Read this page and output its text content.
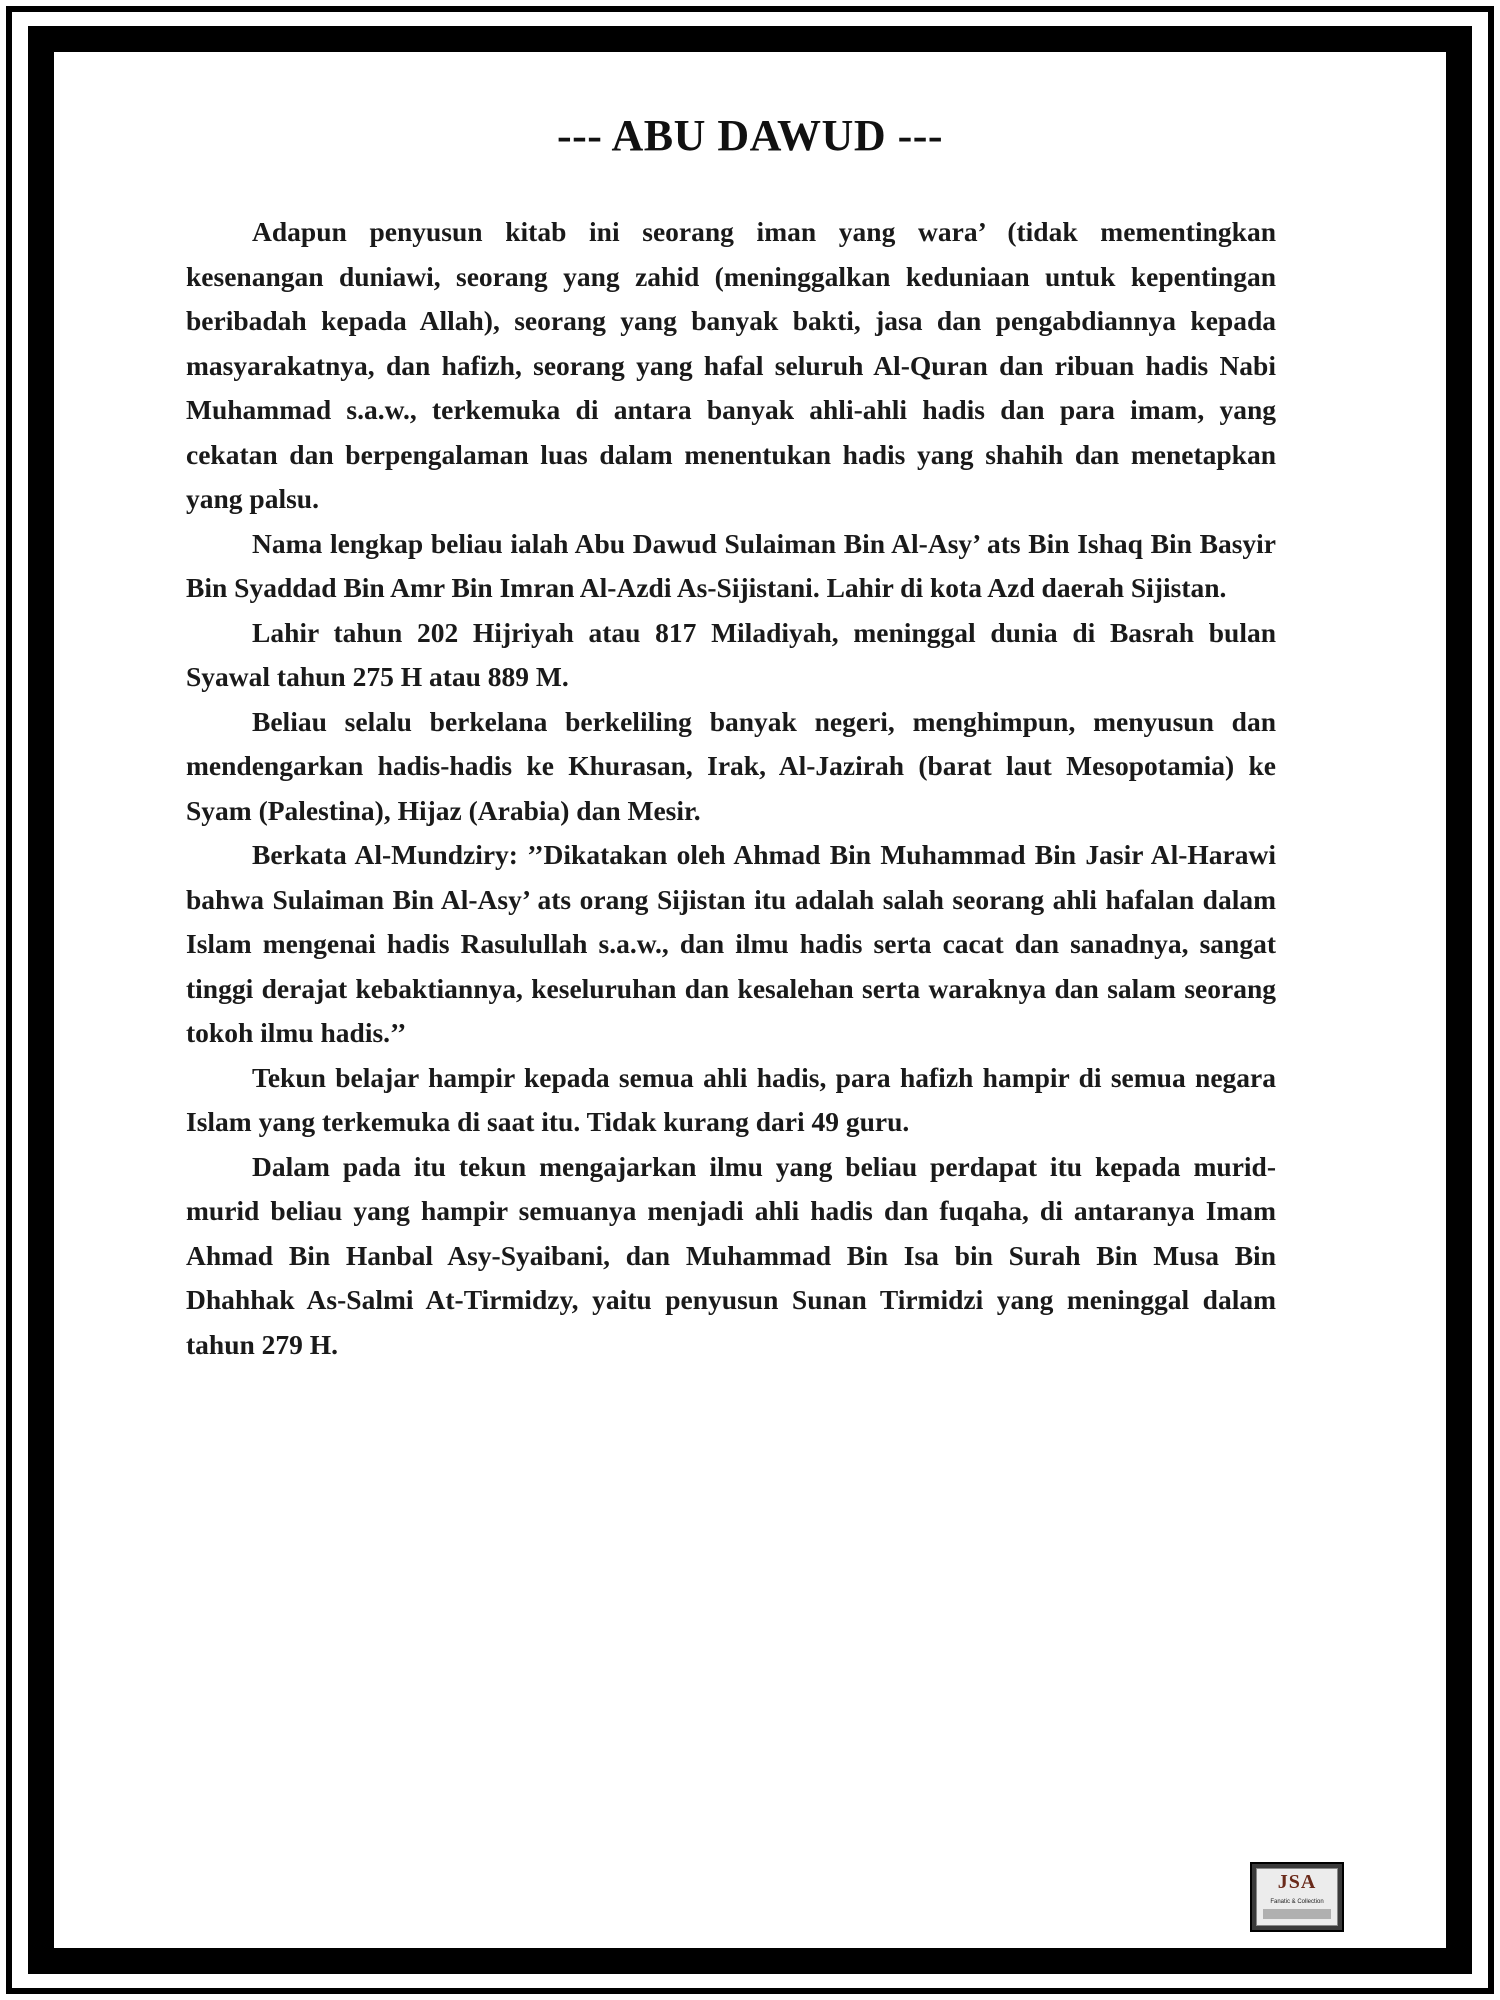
--- ABU DAWUD ---

Adapun penyusun kitab ini seorang iman yang wara’ (tidak mementingkan kesenangan duniawi, seorang yang zahid (meninggalkan keduniaan untuk kepentingan beribadah kepada Allah), seorang yang banyak bakti, jasa dan pengabdiannya kepada masyarakatnya, dan hafizh, seorang yang hafal seluruh Al-Quran dan ribuan hadis Nabi Muhammad s.a.w., terkemuka di antara banyak ahli-ahli hadis dan para imam, yang cekatan dan berpengalaman luas dalam menentukan hadis yang shahih dan menetapkan yang palsu.

Nama lengkap beliau ialah Abu Dawud Sulaiman Bin Al-Asy’ ats Bin Ishaq Bin Basyir Bin Syaddad Bin Amr Bin Imran Al-Azdi As-Sijistani. Lahir di kota Azd daerah Sijistan.

Lahir tahun 202 Hijriyah atau 817 Miladiyah, meninggal dunia di Basrah bulan Syawal tahun 275 H atau 889 M.

Beliau selalu berkelana berkeliling banyak negeri, menghimpun, menyusun dan mendengarkan hadis-hadis ke Khurasan, Irak, Al-Jazirah (barat laut Mesopotamia) ke Syam (Palestina), Hijaz (Arabia) dan Mesir.

Berkata Al-Mundziry: ’’Dikatakan oleh Ahmad Bin Muhammad Bin Jasir Al-Harawi bahwa Sulaiman Bin Al-Asy’ ats orang Sijistan itu adalah salah seorang ahli hafalan dalam Islam mengenai hadis Rasulullah s.a.w., dan ilmu hadis serta cacat dan sanadnya, sangat tinggi derajat kebaktiannya, keseluruhan dan kesalehan serta waraknya dan salam seorang tokoh ilmu hadis.’’

Tekun belajar hampir kepada semua ahli hadis, para hafizh hampir di semua negara Islam yang terkemuka di saat itu. Tidak kurang dari 49 guru.

Dalam pada itu tekun mengajarkan ilmu yang beliau perdapat itu kepada murid-murid beliau yang hampir semuanya menjadi ahli hadis dan fuqaha, di antaranya Imam Ahmad Bin Hanbal Asy-Syaibani, dan Muhammad Bin Isa bin Surah Bin Musa Bin Dhahhak As-Salmi At-Tirmidzy, yaitu penyusun Sunan Tirmidzi yang meninggal dalam tahun 279 H.

JSA
Fanatic & Collection
